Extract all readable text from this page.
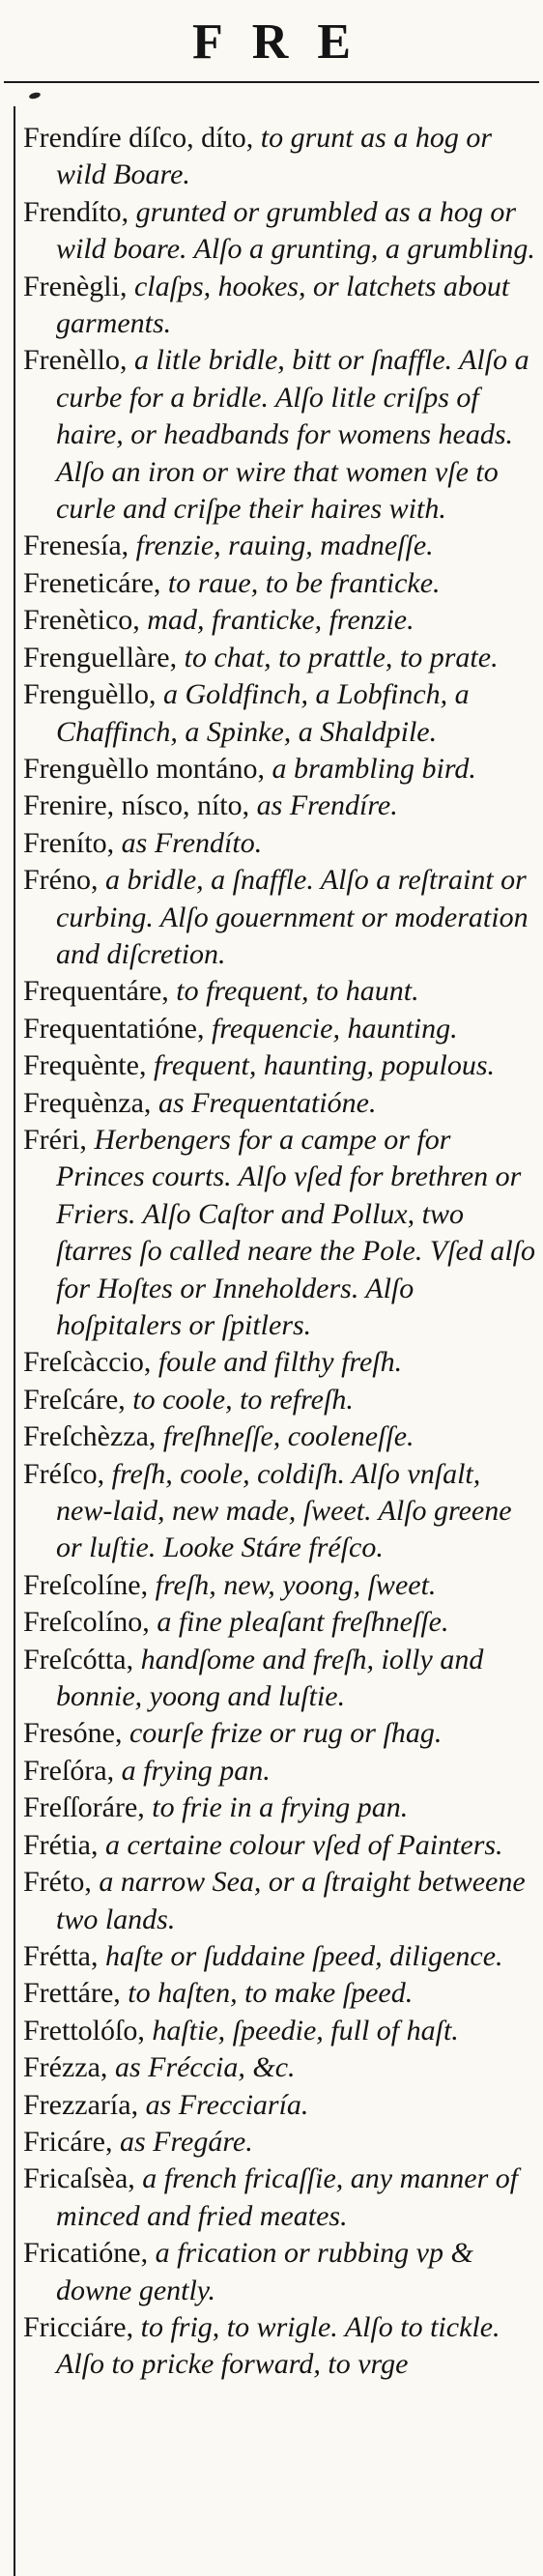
FRE

Frendíre díſco, díto, to grunt as a hog or wild Boare.

Frendíto, grunted or grumbled as a hog or wild boare. Alſo a grunting, a grumbling.

Frenègli, claſps, hookes, or latchets about garments.

Frenèllo, a litle bridle, bitt or ſnaffle. Alſo a curbe for a bridle. Alſo litle criſps of haire, or headbands for womens heads. Alſo an iron or wire that women vſe to curle and criſpe their haires with.

Frenesía, frenzie, rauing, madneſſe.

Freneticáre, to raue, to be franticke.

Frenètico, mad, franticke, frenzie.

Frenguellàre, to chat, to prattle, to prate.

Frenguèllo, a Goldfinch, a Lobfinch, a Chaffinch, a Spinke, a Shaldpile.

Frenguèllo montáno, a brambling bird.

Frenire, nísco, níto, as Frendíre.

Freníto, as Frendíto.

Fréno, a bridle, a ſnaffle. Alſo a reſtraint or curbing. Alſo gouernment or moderation and diſcretion.

Frequentáre, to frequent, to haunt.

Frequentatióne, frequencie, haunting.

Frequènte, frequent, haunting, populous.

Frequènza, as Frequentatióne.

Fréri, Herbengers for a campe or for Princes courts. Alſo vſed for brethren or Friers. Alſo Caſtor and Pollux, two ſtarres ſo called neare the Pole. Vſed alſo for Hoſtes or Inneholders. Alſo hoſpitalers or ſpitlers.

Freſcàccio, foule and filthy freſh.

Freſcáre, to coole, to refreſh.

Freſchèzza, freſhneſſe, cooleneſſe.

Fréſco, freſh, coole, coldiſh. Alſo vnſalt, new-laid, new made, ſweet. Alſo greene or luſtie. Looke Stáre fréſco.

Freſcolíne, freſh, new, yoong, ſweet.

Freſcolíno, a fine pleaſant freſhneſſe.

Freſcótta, handſome and freſh, iolly and bonnie, yoong and luſtie.

Fresóne, courſe frize or rug or ſhag.

Freſóra, a frying pan.

Freſſoráre, to frie in a frying pan.

Frétia, a certaine colour vſed of Painters.

Fréto, a narrow Sea, or a ſtraight betweene two lands.

Frétta, haſte or ſuddaine ſpeed, diligence.

Frettáre, to haſten, to make ſpeed.

Frettolóſo, haſtie, ſpeedie, full of haſt.

Frézza, as Fréccia, &c.

Frezzaría, as Frecciaría.

Fricáre, as Fregáre.

Fricaſsèa, a french fricaſſie, any manner of minced and fried meates.

Fricatióne, a frication or rubbing vp & downe gently.

Fricciáre, to frig, to wrigle. Alſo to tickle. Alſo to pricke forward, to vrge
